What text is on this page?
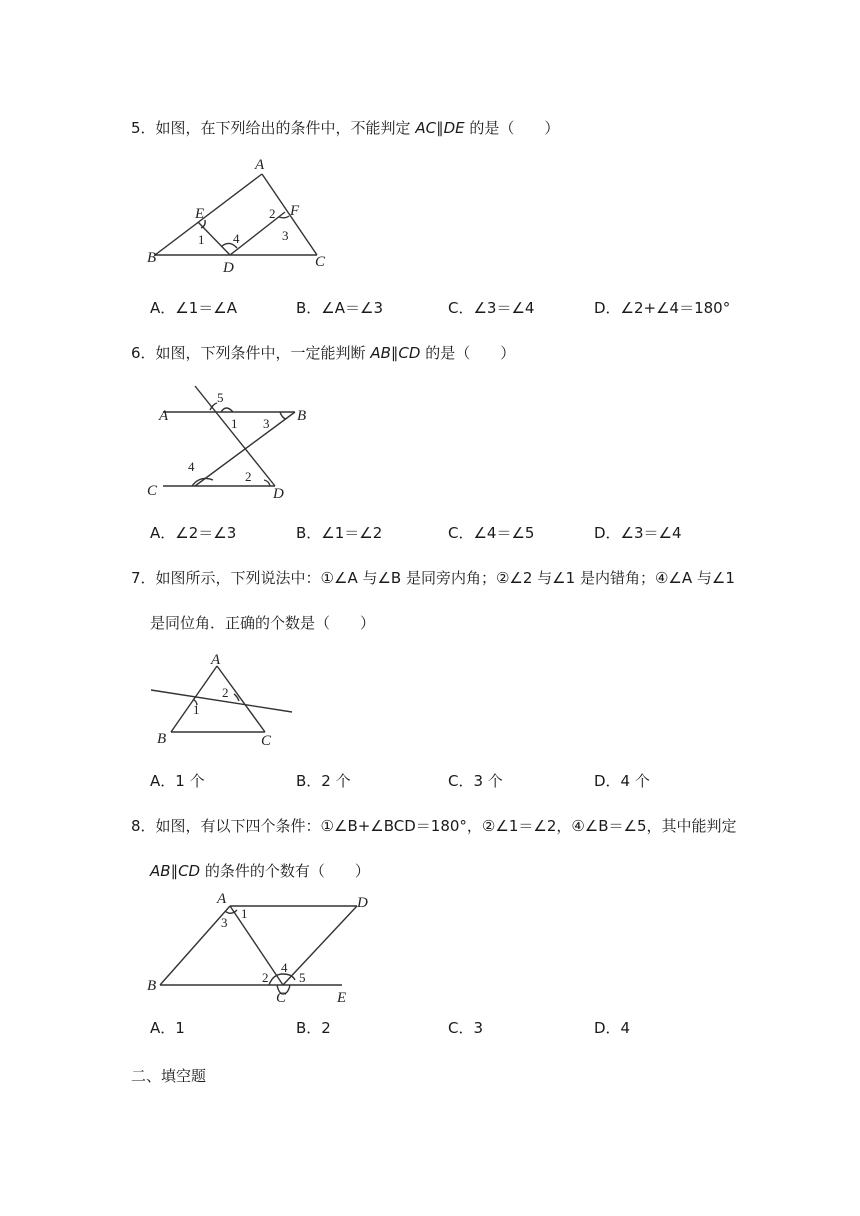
5．如图，在下列给出的条件中，不能判定 AC∥DE 的是（　　）
A
B	C
D
E	F
1
2
3
4
A．∠1＝∠A	B．∠A＝∠3	C．∠3＝∠4	D．∠2+∠4＝180°
6．如图，下列条件中，一定能判断 AB∥CD 的是（　　）
A	B
C	D
1
2
3
4
5
A．∠2＝∠3	B．∠1＝∠2	C．∠4＝∠5	D．∠3＝∠4
7．如图所示，下列说法中：①∠A 与∠B 是同旁内角；②∠2 与∠1 是内错角；④∠A 与∠1
是同位角．正确的个数是（　　）
A
B	C
1
2
A．1 个	B．2 个	C．3 个	D．4 个
8．如图，有以下四个条件：①∠B+∠BCD＝180°，②∠1＝∠2，④∠B＝∠5，其中能判定
AB∥CD 的条件的个数有（　　）
A
B
C
D
E
1
2
3
4
5
A．1	B．2	C．3	D．4
二、填空题
